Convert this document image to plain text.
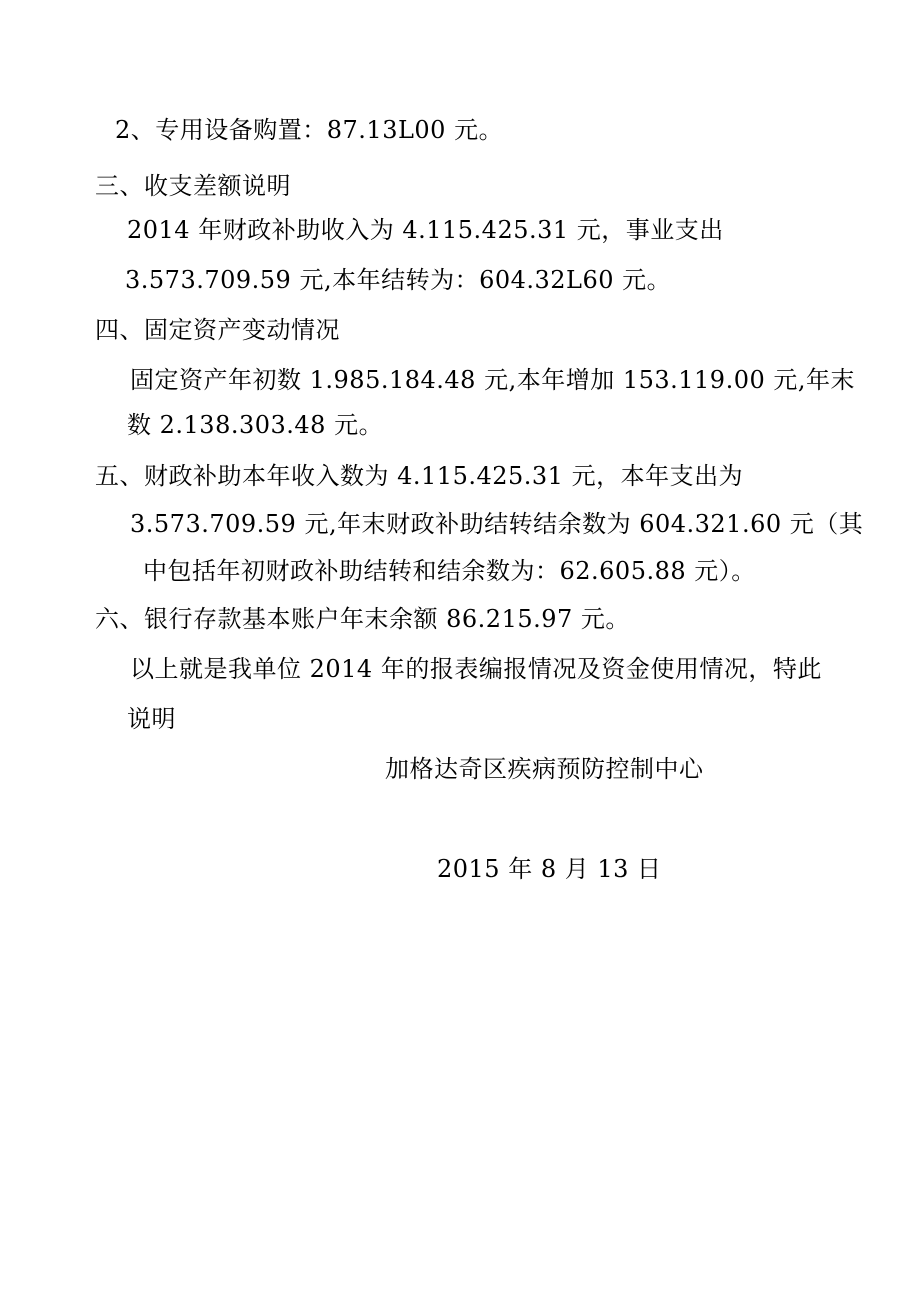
2、专用设备购置：87.13L00 元。
三、收支差额说明
2014 年财政补助收入为 4.115.425.31 元，事业支出
3.573.709.59 元,本年结转为：604.32L60 元。
四、固定资产变动情况
固定资产年初数 1.985.184.48 元,本年增加 153.119.00 元,年末
数 2.138.303.48 元。
五、财政补助本年收入数为 4.115.425.31 元，本年支出为
3.573.709.59 元,年末财政补助结转结余数为 604.321.60 元（其
中包括年初财政补助结转和结余数为：62.605.88 元）。
六、银行存款基本账户年末余额 86.215.97 元。
以上就是我单位 2014 年的报表编报情况及资金使用情况，特此
说明
加格达奇区疾病预防控制中心
2015 年 8 月 13 日
